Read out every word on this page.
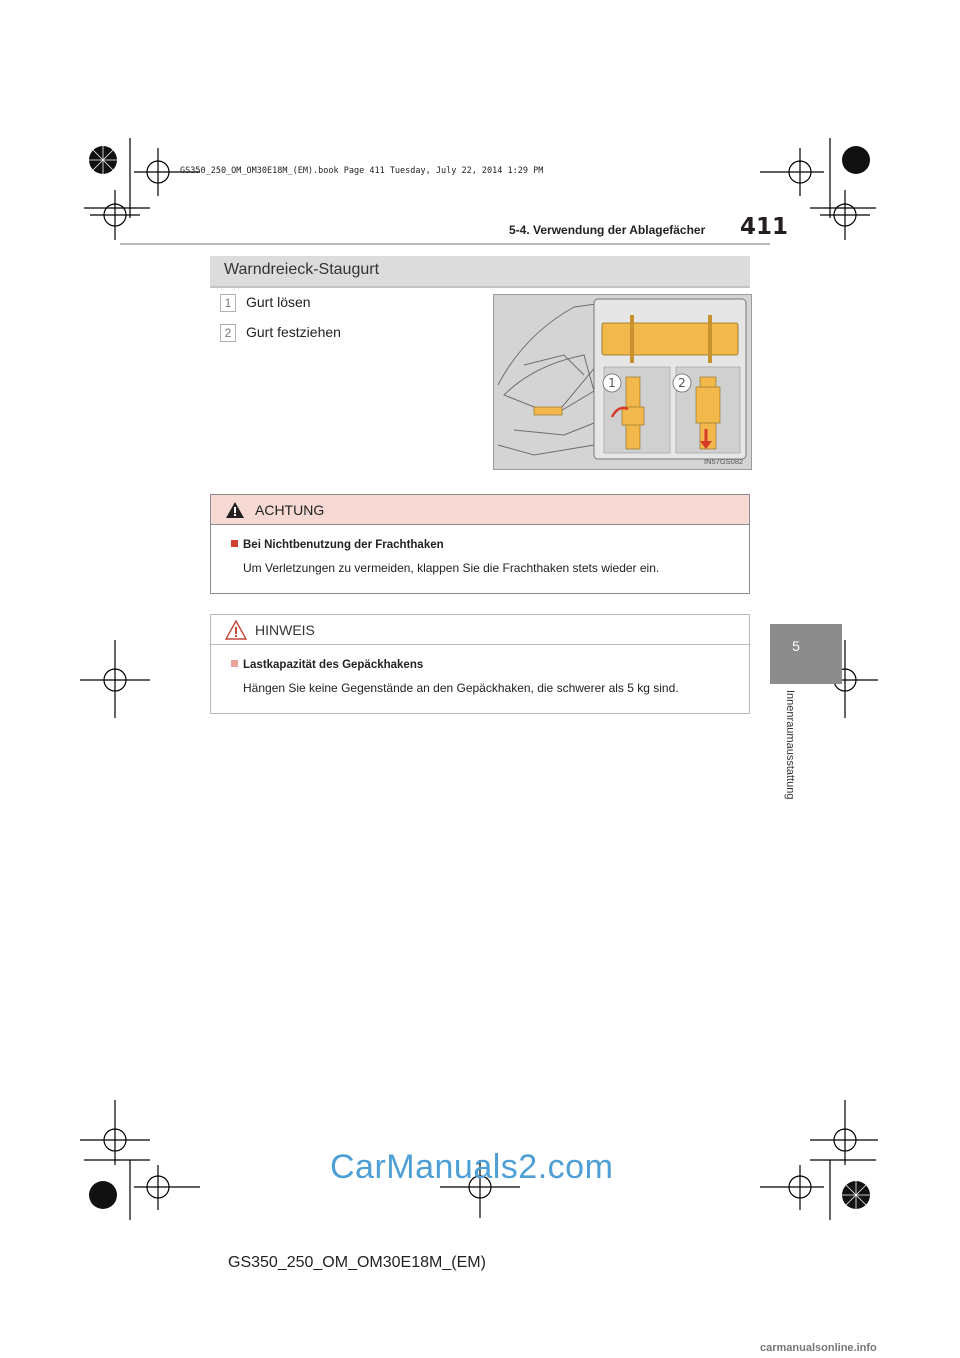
GS350_250_OM_OM30E18M_(EM).book Page 411 Tuesday, July 22, 2014 1:29 PM
5-4. Verwendung der Ablagefächer 411
5
Innenraumausstattung
Warndreieck-Staugurt
1 Gurt lösen
2 Gurt festziehen
1	2
IN57GS082
ACHTUNG
Bei Nichtbenutzung der Frachthaken
Um Verletzungen zu vermeiden, klappen Sie die Frachthaken stets wieder ein.
HINWEIS
Lastkapazität des Gepäckhakens
Hängen Sie keine Gegenstände an den Gepäckhaken, die schwerer als 5 kg sind.
CarManuals2.com
GS350_250_OM_OM30E18M_(EM)
carmanualsonline.info
